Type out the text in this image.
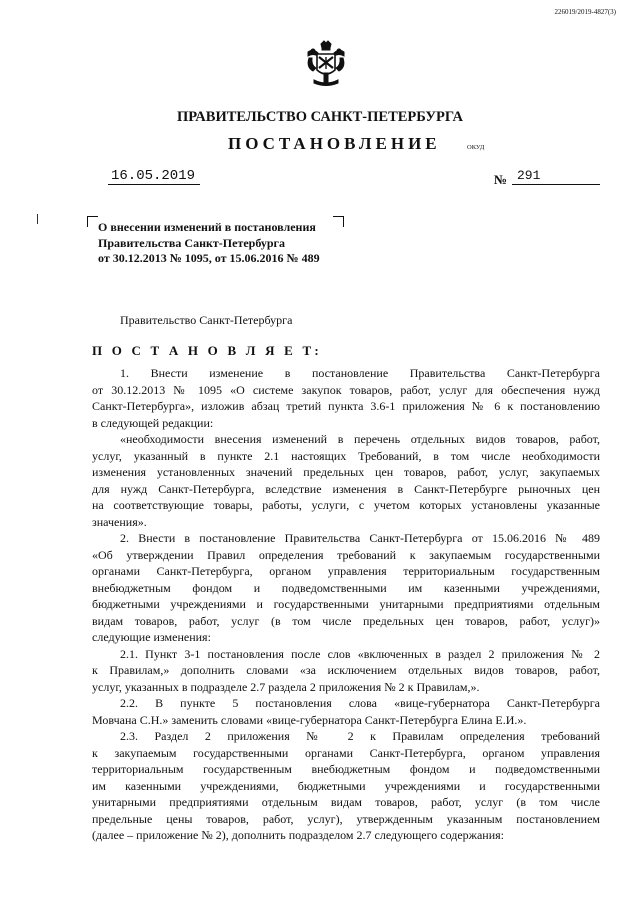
226019/2019-4827(3)
ПРАВИТЕЛЬСТВО САНКТ-ПЕТЕРБУРГА
ПОСТАНОВЛЕНИЕ	ОКУД
16.05.2019	№ 291
О внесении изменений в постановления
Правительства Санкт-Петербурга
от 30.12.2013 № 1095, от 15.06.2016 № 489
Правительство Санкт-Петербурга
П О С Т А Н О В Л Я Е Т:
1. Внести изменение в постановление Правительства Санкт-Петербурга
от 30.12.2013 № 1095 «О системе закупок товаров, работ, услуг для обеспечения нужд
Санкт-Петербурга», изложив абзац третий пункта 3.6-1 приложения № 6 к постановлению
в следующей редакции:
«необходимости внесения изменений в перечень отдельных видов товаров, работ,
услуг, указанный в пункте 2.1 настоящих Требований, в том числе необходимости
изменения установленных значений предельных цен товаров, работ, услуг, закупаемых
для нужд Санкт-Петербурга, вследствие изменения в Санкт-Петербурге рыночных цен
на соответствующие товары, работы, услуги, с учетом которых установлены указанные
значения».
2. Внести в постановление Правительства Санкт-Петербурга от 15.06.2016 № 489
«Об утверждении Правил определения требований к закупаемым государственными
органами Санкт-Петербурга, органом управления территориальным государственным
внебюджетным фондом и подведомственными им казенными учреждениями,
бюджетными учреждениями и государственными унитарными предприятиями отдельным
видам товаров, работ, услуг (в том числе предельных цен товаров, работ, услуг)»
следующие изменения:
2.1. Пункт 3-1 постановления после слов «включенных в раздел 2 приложения № 2
к Правилам,» дополнить словами «за исключением отдельных видов товаров, работ,
услуг, указанных в подразделе 2.7 раздела 2 приложения № 2 к Правилам,».
2.2. В пункте 5 постановления слова «вице-губернатора Санкт-Петербурга
Мовчана С.Н.» заменить словами «вице-губернатора Санкт-Петербурга Елина Е.И.».
2.3. Раздел 2 приложения № 2 к Правилам определения требований
к закупаемым государственными органами Санкт-Петербурга, органом управления
территориальным государственным внебюджетным фондом и подведомственными
им казенными учреждениями, бюджетными учреждениями и государственными
унитарными предприятиями отдельным видам товаров, работ, услуг (в том числе
предельные цены товаров, работ, услуг), утвержденным указанным постановлением
(далее – приложение № 2), дополнить подразделом 2.7 следующего содержания:
